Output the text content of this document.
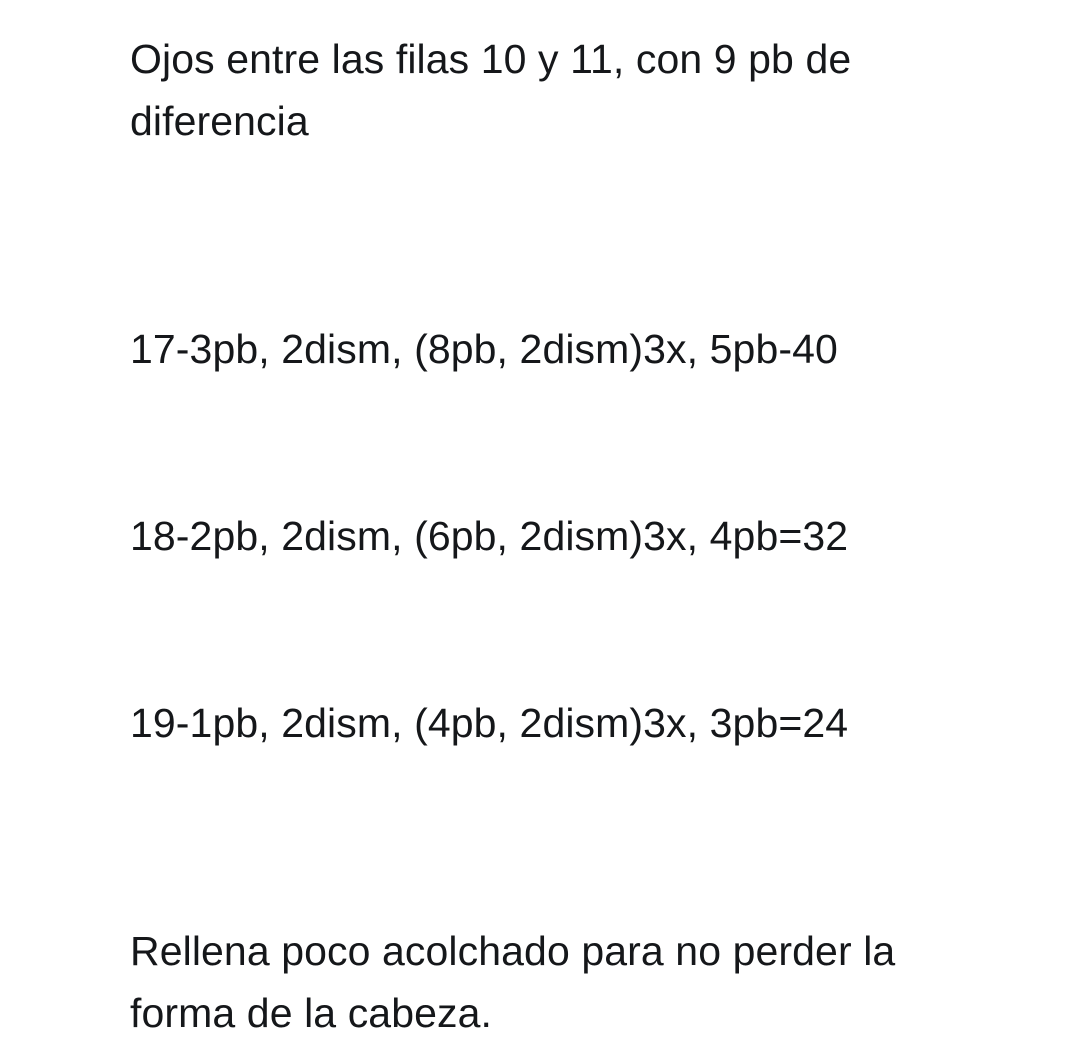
Ojos entre las filas 10 y 11, con 9 pb de diferencia

17-3pb, 2dism, (8pb, 2dism)3x, 5pb-40

18-2pb, 2dism, (6pb, 2dism)3x, 4pb=32

19-1pb, 2dism, (4pb, 2dism)3x, 3pb=24

Rellena poco acolchado para no perder la forma de la cabeza.
